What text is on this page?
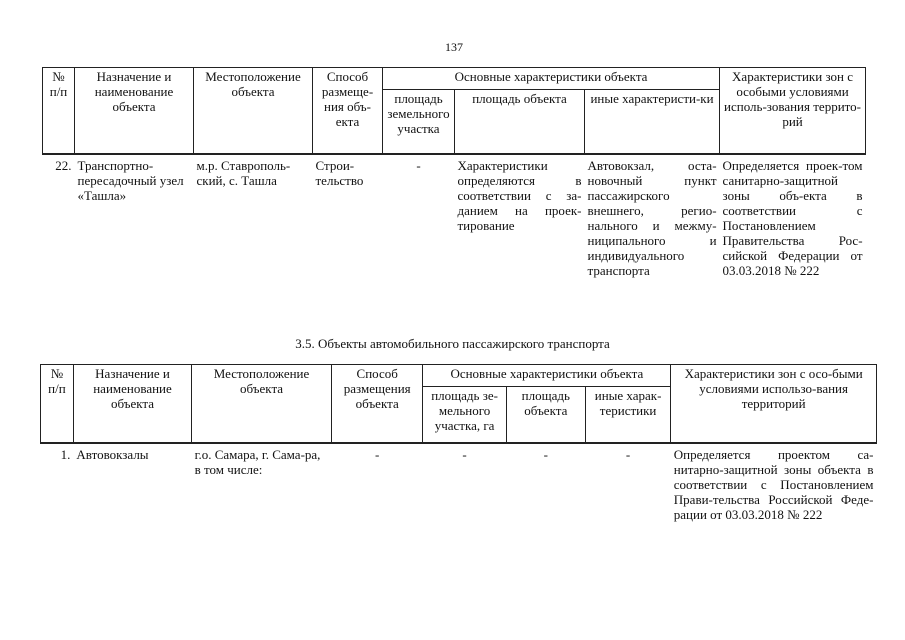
137
№ п/п	Назначение и наименование объекта	Местоположение объекта	Способ размеще-ния объ-екта	Основные характеристики объекта			Характеристики зон с особыми условиями исполь-зования террито-рий
				площадь земельного участка	площадь объекта	иные характеристи-ки	
22.	Транспортно-пересадочный узел «Ташла»	м.р. Ставрополь-ский, с. Ташла	Строи-тельство	-	Характеристики определяются в соответствии с за-данием на проек-тирование	Автовокзал, оста-новочный пункт пассажирского внешнего, регио-нального и межму-ниципального и индивидуального транспорта	Определяется проек-том санитарно-защитной зоны объ-екта в соответствии с Постановлением Правительства Рос-сийской Федерации от 03.03.2018 № 222
3.5. Объекты автомобильного пассажирского транспорта
№ п/п	Назначение и наименование объекта	Местоположение объекта	Способ размещения объекта	Основные характеристики объекта			Характеристики зон с осо-быми условиями использо-вания территорий
				площадь зе-мельного участка, га	площадь объекта	иные харак-теристики	
1.	Автовокзалы	г.о. Самара, г. Сама-ра, в том числе:	-	-	-	-	Определяется проектом са-нитарно-защитной зоны объекта в соответствии с Постановлением Прави-тельства Российской Феде-рации от 03.03.2018 № 222
